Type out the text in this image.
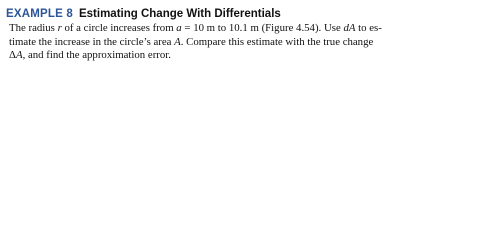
EXAMPLE 8 Estimating Change With Differentials

The radius r of a circle increases from a = 10 m to 10.1 m (Figure 4.54). Use dA to es-
timate the increase in the circle’s area A. Compare this estimate with the true change
ΔA, and find the approximation error.
